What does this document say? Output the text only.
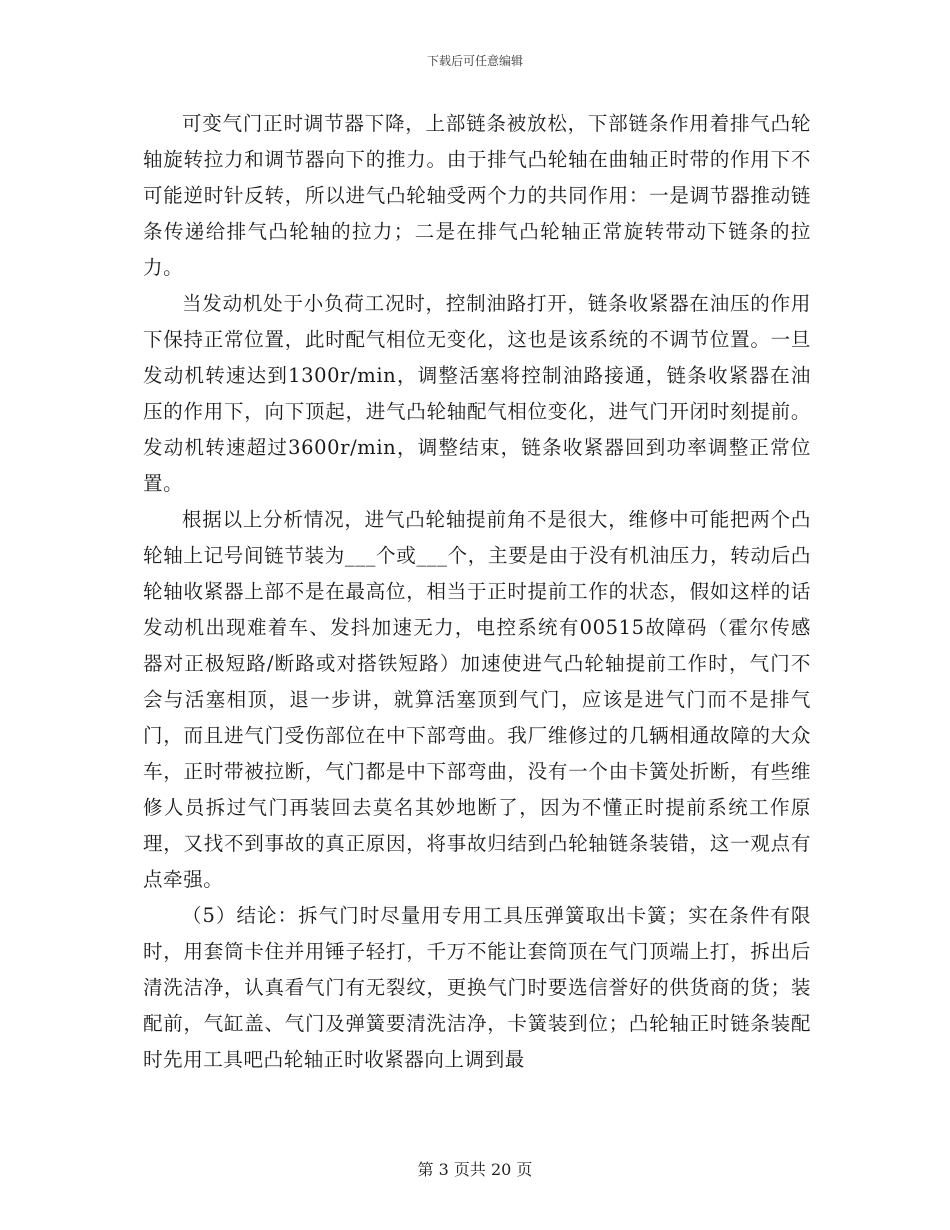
下载后可任意编辑

可变气门正时调节器下降，上部链条被放松，下部链条作用着排气凸轮轴旋转拉力和调节器向下的推力。由于排气凸轮轴在曲轴正时带的作用下不可能逆时针反转，所以进气凸轮轴受两个力的共同作用：一是调节器推动链条传递给排气凸轮轴的拉力；二是在排气凸轮轴正常旋转带动下链条的拉力。

当发动机处于小负荷工况时，控制油路打开，链条收紧器在油压的作用下保持正常位置，此时配气相位无变化，这也是该系统的不调节位置。一旦发动机转速达到1300r/min，调整活塞将控制油路接通，链条收紧器在油压的作用下，向下顶起，进气凸轮轴配气相位变化，进气门开闭时刻提前。发动机转速超过3600r/min，调整结束，链条收紧器回到功率调整正常位置。

根据以上分析情况，进气凸轮轴提前角不是很大，维修中可能把两个凸轮轴上记号间链节装为___个或___个，主要是由于没有机油压力，转动后凸轮轴收紧器上部不是在最高位，相当于正时提前工作的状态，假如这样的话发动机出现难着车、发抖加速无力，电控系统有00515故障码（霍尔传感器对正极短路/断路或对搭铁短路）加速使进气凸轮轴提前工作时，气门不会与活塞相顶，退一步讲，就算活塞顶到气门，应该是进气门而不是排气门，而且进气门受伤部位在中下部弯曲。我厂维修过的几辆相通故障的大众车，正时带被拉断，气门都是中下部弯曲，没有一个由卡簧处折断，有些维修人员拆过气门再装回去莫名其妙地断了，因为不懂正时提前系统工作原理，又找不到事故的真正原因，将事故归结到凸轮轴链条装错，这一观点有点牵强。

（5）结论：拆气门时尽量用专用工具压弹簧取出卡簧；实在条件有限时，用套筒卡住并用锤子轻打，千万不能让套筒顶在气门顶端上打，拆出后清洗洁净，认真看气门有无裂纹，更换气门时要选信誉好的供货商的货；装配前，气缸盖、气门及弹簧要清洗洁净，卡簧装到位；凸轮轴正时链条装配时先用工具吧凸轮轴正时收紧器向上调到最

第 3 页共 20 页
